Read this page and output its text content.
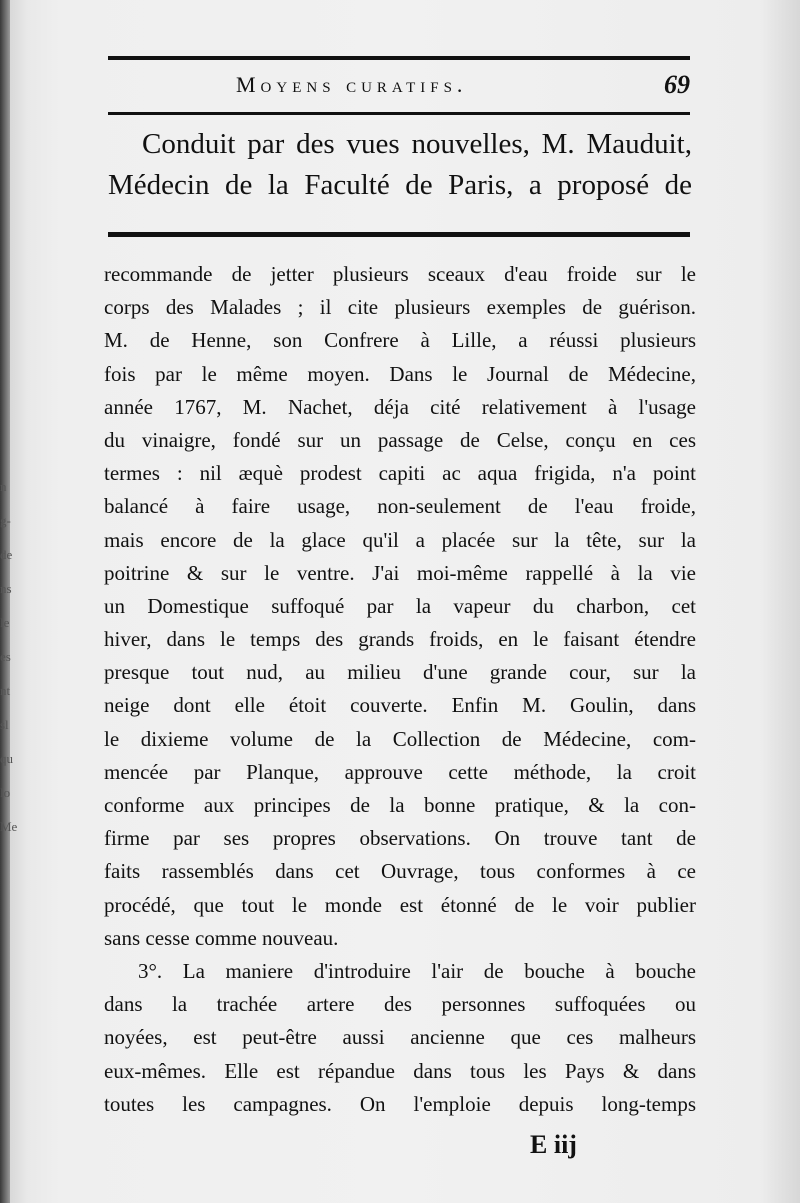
n
g-
de
ns
le
es
nt
sl
qu
lo
Me
Moyens curatifs.	69
Conduit par des vues nouvelles, M. Mauduit,
Médecin de la Faculté de Paris, a proposé de
recommande de jetter plusieurs sceaux d'eau froide sur le
corps des Malades ; il cite plusieurs exemples de guérison.
M. de Henne, son Confrere à Lille, a réussi plusieurs
fois par le même moyen. Dans le Journal de Médecine,
année 1767, M. Nachet, déja cité relativement à l'usage
du vinaigre, fondé sur un passage de Celse, conçu en ces
termes : nil æquè prodest capiti ac aqua frigida, n'a point
balancé à faire usage, non-seulement de l'eau froide,
mais encore de la glace qu'il a placée sur la tête, sur la
poitrine & sur le ventre. J'ai moi-même rappellé à la vie
un Domestique suffoqué par la vapeur du charbon, cet
hiver, dans le temps des grands froids, en le faisant étendre
presque tout nud, au milieu d'une grande cour, sur la
neige dont elle étoit couverte. Enfin M. Goulin, dans
le dixieme volume de la Collection de Médecine, com-
mencée par Planque, approuve cette méthode, la croit
conforme aux principes de la bonne pratique, & la con-
firme par ses propres observations. On trouve tant de
faits rassemblés dans cet Ouvrage, tous conformes à ce
procédé, que tout le monde est étonné de le voir publier
sans cesse comme nouveau.
3°. La maniere d'introduire l'air de bouche à bouche
dans la trachée artere des personnes suffoquées ou
noyées, est peut-être aussi ancienne que ces malheurs
eux-mêmes. Elle est répandue dans tous les Pays & dans
toutes les campagnes. On l'emploie depuis long-temps
E iij
